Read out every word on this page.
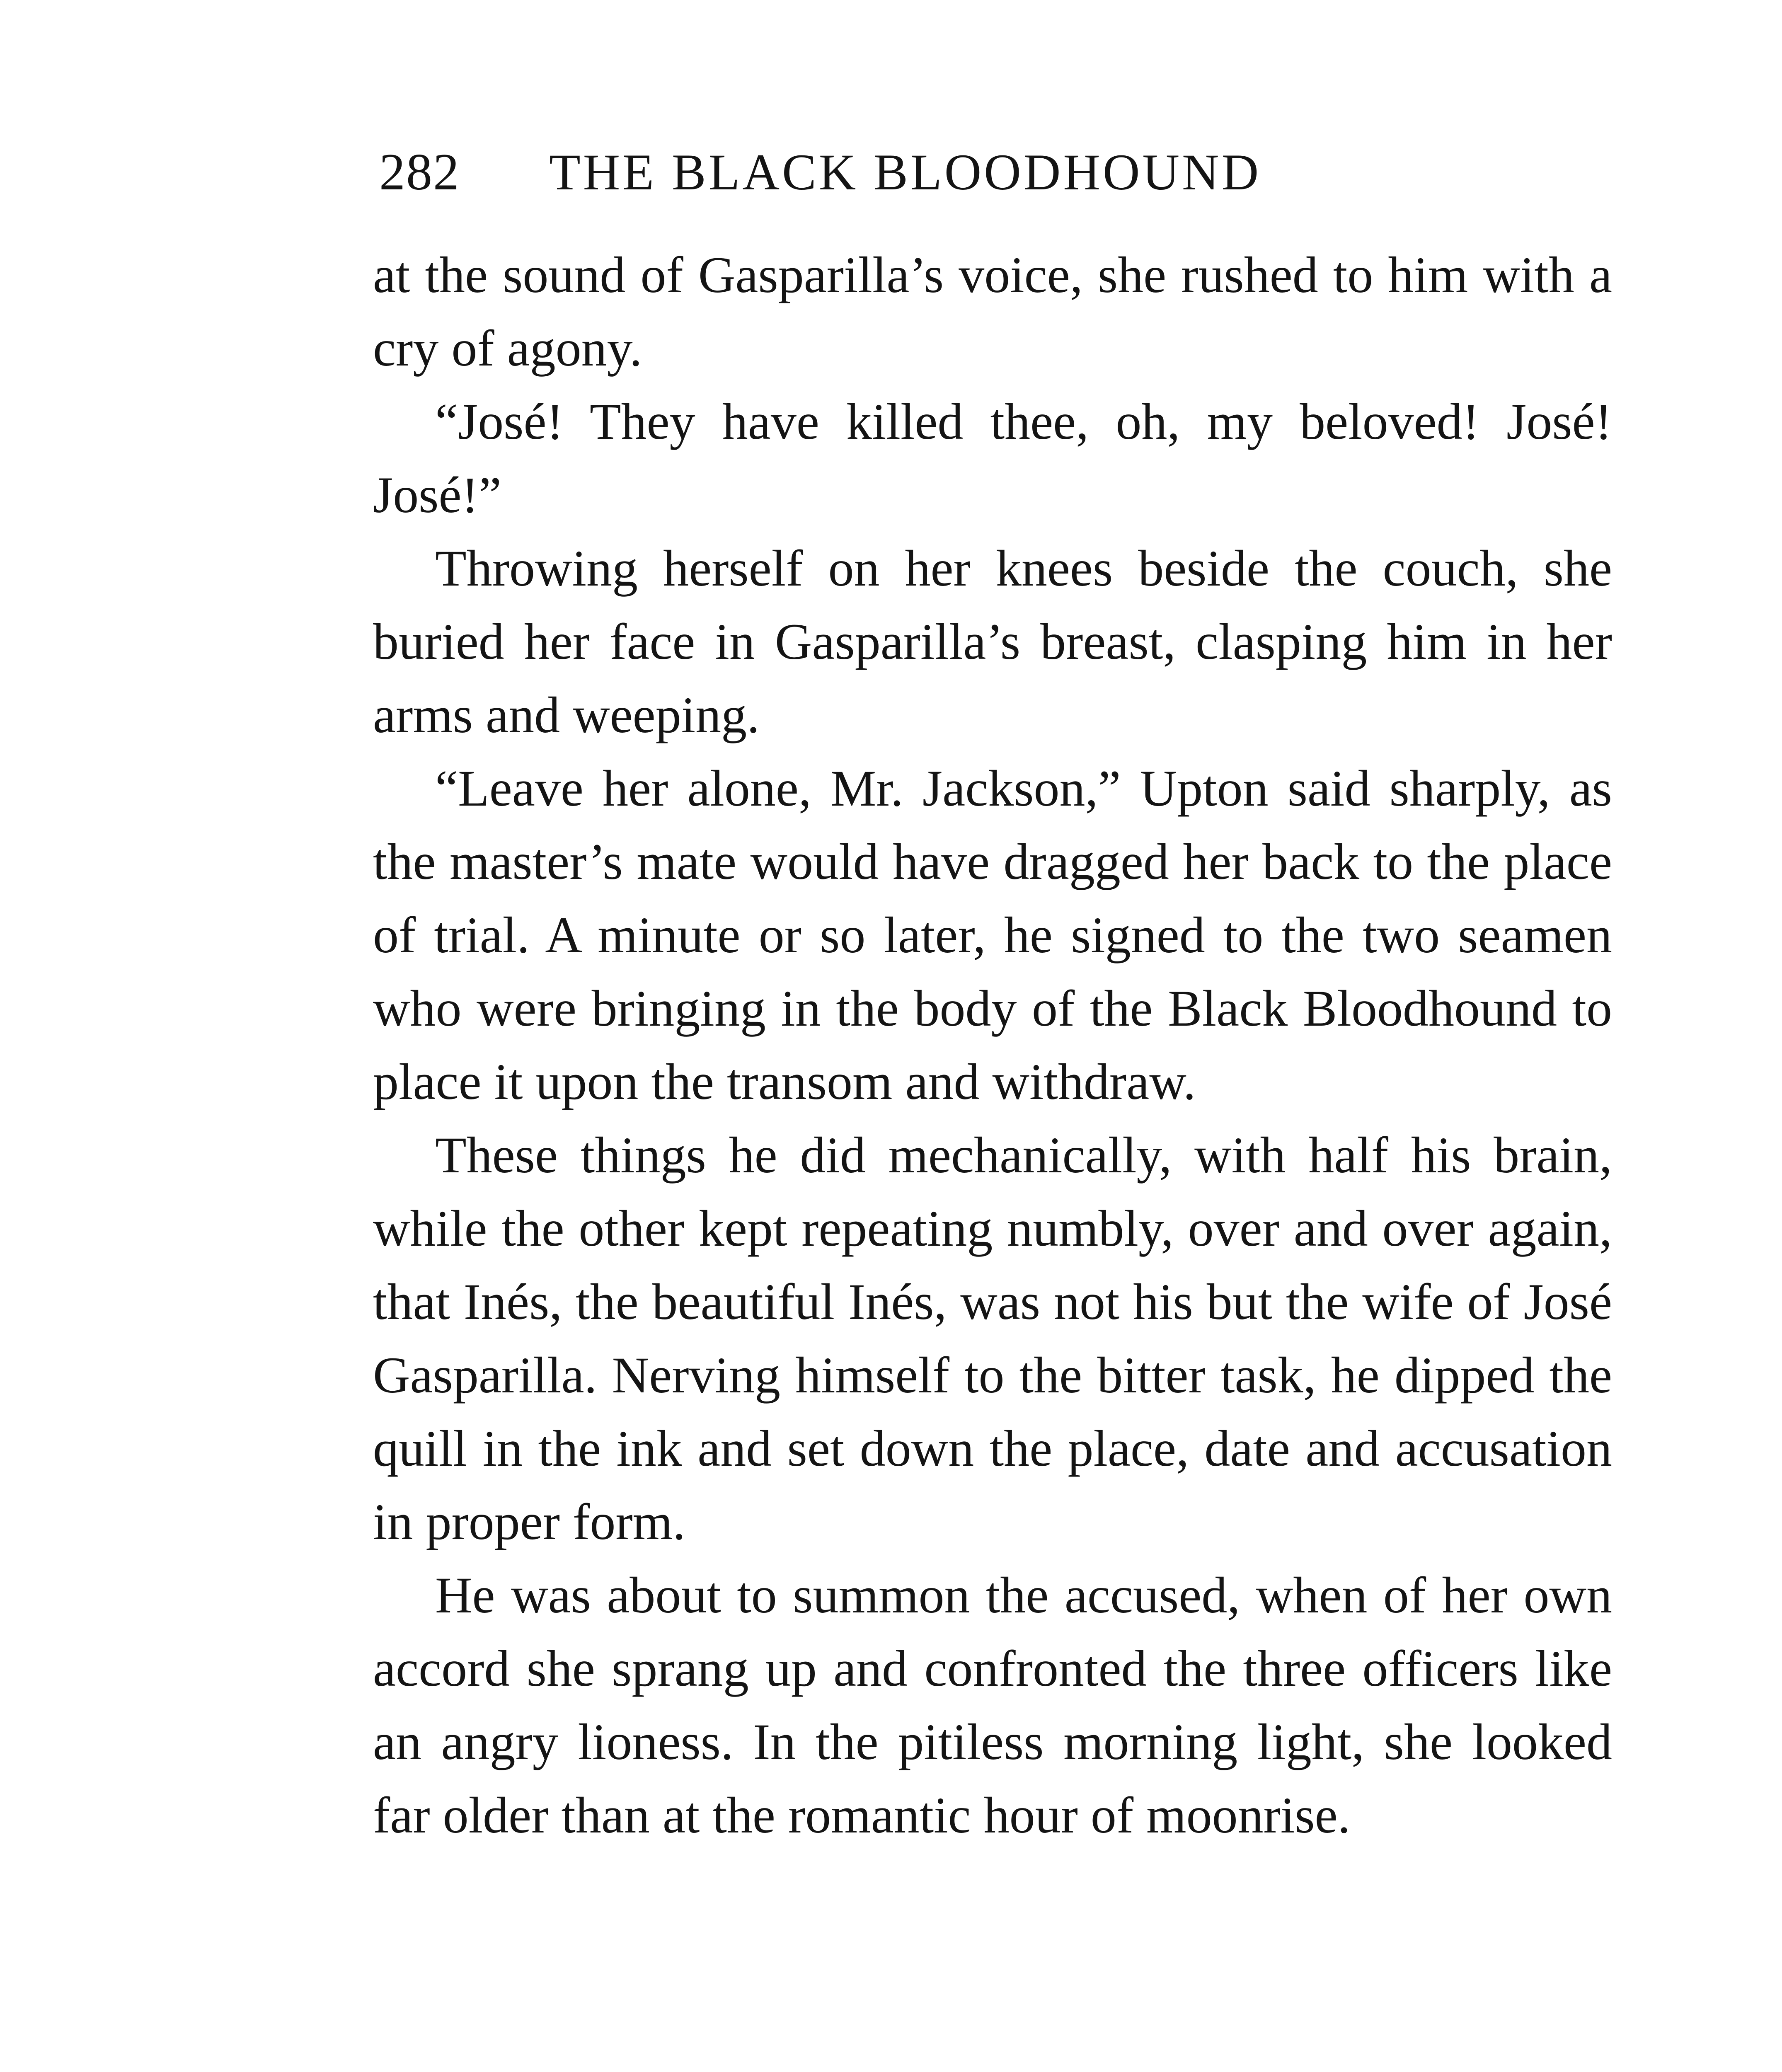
282 THE BLACK BLOODHOUND

at the sound of Gasparilla’s voice, she rushed to him with a cry of agony.

“José! They have killed thee, oh, my beloved! José! José!”

Throwing herself on her knees beside the couch, she buried her face in Gasparilla’s breast, clasping him in her arms and weeping.

“Leave her alone, Mr. Jackson,” Upton said sharply, as the master’s mate would have dragged her back to the place of trial. A minute or so later, he signed to the two seamen who were bringing in the body of the Black Bloodhound to place it upon the transom and withdraw.

These things he did mechanically, with half his brain, while the other kept repeating numbly, over and over again, that Inés, the beautiful Inés, was not his but the wife of José Gasparilla. Nerving himself to the bitter task, he dipped the quill in the ink and set down the place, date and accusation in proper form.

He was about to summon the accused, when of her own accord she sprang up and confronted the three officers like an angry lioness. In the pitiless morning light, she looked far older than at the romantic hour of moonrise.
